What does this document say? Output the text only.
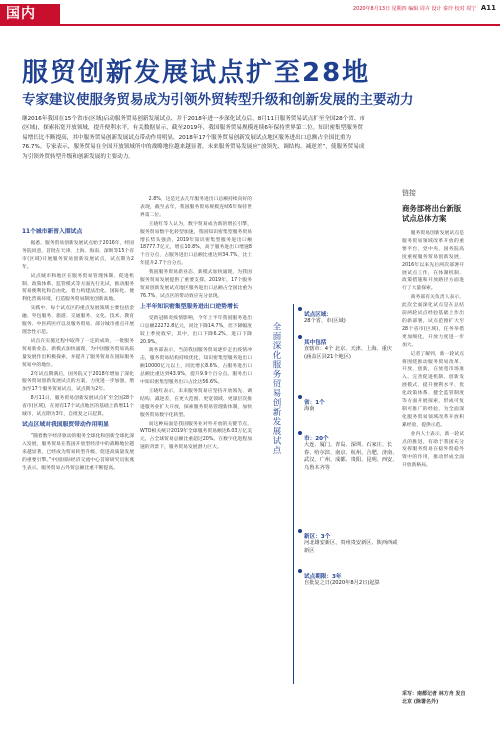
国内	2020年8月13日 星期四 编辑 周卉 设计 秦玲 校对 周宁 A11
服贸创新发展试点扩至28地
专家建议使服务贸易成为引领外贸转型升级和创新发展的主要动力

继2016年我国在15个省市(区域)启动服务贸易创新发展试点、并于2018年进一步深化试点后，8月11日服务贸易试点扩至全国28个省、市(区域)，探索拓宽开放领域，提升便利水平。有关数据显示，截至2019年，我国服务贸易规模连续6年保持世界第二位。知识密集型服务贸易增长比不断提高，其中服务贸易创新发展试点带动作用明显，2018年17个服务贸易创新发展试点地区服务进出口总额占全国比重为76.7%。专家表示，服务贸易在全国开放领域所中的战略地位越来越显著，未来服务贸易发展应“放领先、调结构、减逆差”，使服务贸易成为引领外贸转型升级和创新发展的主要动力。

11个城市新晋入围试点

据悉，服务贸易创新发展试点始于2016年，经国务院同意，首批在天津、上海、海南、深圳等15个省市(区域)开展服务贸易创新发展试点，试点期为2年。

试点城市和地区在服务贸易管理体制、促进机制、政策体系、监管模式等方面先行先试，推动服务贸易便利化和自由化，着力构建法治化、国际化、便利化营商环境，打造服务贸易制度创新高地。

实践中，每个试点区的重点发展领域主要包括金融、外包服务、旅游、交通服务、文化、技术、教育服务、中医药医疗以及服务贸易、部分城市重点开展理念性示范。

试点在实施过程中取得了一定的成效，一批服务贸易新业态、新模式加快涌现，为中国服务贸易高质量发展作出积极探索，并提升了服务贸易在国际服务贸易中的地位。

2年试点期满后，国务院又于2018年增加了深化服务贸易创新发展试点的方案，力度进一步加强，增加至17个服务贸易试点，试点期为2年。

8月11日，服务贸易创新发展试点扩至全国28个省市(区域)，在原有17个试点地区的基础上新增11个城市，试点期为3年，自批复之日起算。

试点区域对我国服贸带动作用明显

“随着数字经济驱动的服务全球化和创新全球化深入发展，服务贸易在我国开放型经济中的战略地位越来越显著，已经成为贸易转型升级、促进高质量发展的重要引擎。”中国国际经济交流中心首席研究员张燕生表示。服务贸易占外贸总额比重不断提高。

2.8%，这是过去几年服务进出口总额持续向好的表现，截至去年，我国服务贸易规模连续6年保持世界第二位。

王晓红等人认为，数字贸易成为新的增长引擎，服务贸易数字化转型加速，我国知识密集型服务贸易增长势头强劲，2019年知识密集型服务进出口额18777.7亿元，增长10.8%，高于服务进出口增速8个百分点，占服务进出口总额比重达到34.7%，比上年提升2.7个百分点。

我国服务贸易新业态、新模式加快涌现，为我国服务贸易发展提供了重要支撑。2019年，17个服务贸易创新发展试点地区服务进出口总额占全国比重为76.7%，试点区的带动效应充分显现。

上半年知识密集型服务进出口逆势增长

受新冠肺炎疫情影响，今年上半年我国服务进出口总额22272.8亿元，同比下降14.7%，但下降幅度较上季度收窄。其中，出口下降6.2%，进口下降20.9%。

商务部表示，当前我国服务贸易逐步走出疫情冲击，服务贸易结构持续优化，知识密集型服务进出口额10000亿元以上，同比增长8.6%，占服务进出口总额比重达到43.9%，提升9.9个百分点。服务出口中知识密集型服务出口占比达56.6%。

王晓红表示，未来服务贸易应坚持开放领先、调结构、减逆差，在更大范围、更宽领域、更深层次推进服务业扩大开放，探索服务贸易管理新体制，加快服务贸易数字化转型。

而这种局面是我国服务业对外开放的关键节点，WTO相关统计2019年全球服务贸易额达6.03万亿美元，占全球贸易总额比重超过20%。在数字化进程加速的背景下，服务贸易发展潜力巨大。	全面深化服务贸易创新发展试点
试点区域：
28个省、市(区域)
其中包括
直辖市：4个 北京、天津、上海、重庆(涵盖区县21个地区)
省：1个
海南
市：20个
大连、厦门、青岛、深圳、石家庄、长春、哈尔滨、南京、杭州、合肥、济南、武汉、广州、成都、贵阳、昆明、西安、乌鲁木齐等
新区：3个
河北雄安新区、贵州贵安新区、陕西西咸新区
试点期限：3年
自批复之日(2020年8月2日)起算
链接
商务部将出台新版试点总体方案

服务贸易创新发展试点是服务贸易领域改革开放的重要平台，党中央、国务院高度重视服务贸易创新发展，2016年以来先后两次部署开展试点工作，在体制机制、政策措施和开放路径方面进行了大量探索。

商务部有关负责人表示，此次全面深化试点是在总结前两轮试点经验基础上作出的新部署，试点范围扩大至28个省市(区域)，任务举措更加细化，开放力度进一步加大。

记者了解到，新一轮试点将围绕推动服务贸易改革、开放、创新，在放宽市场准入、完善促进机制、创新发展模式、提升便利水平、优化政策体系、健全监管制度等方面开展探索，形成可复制可推广的经验，为全面深化服务贸易领域改革开放积累经验、提供示范。

业内人士表示，新一轮试点的推进，有助于我国充分发挥服务贸易在稳外贸稳外资中的作用，推动形成全面开放新格局。

采写：南都记者 林方舟 发自北京 (除署名外)
